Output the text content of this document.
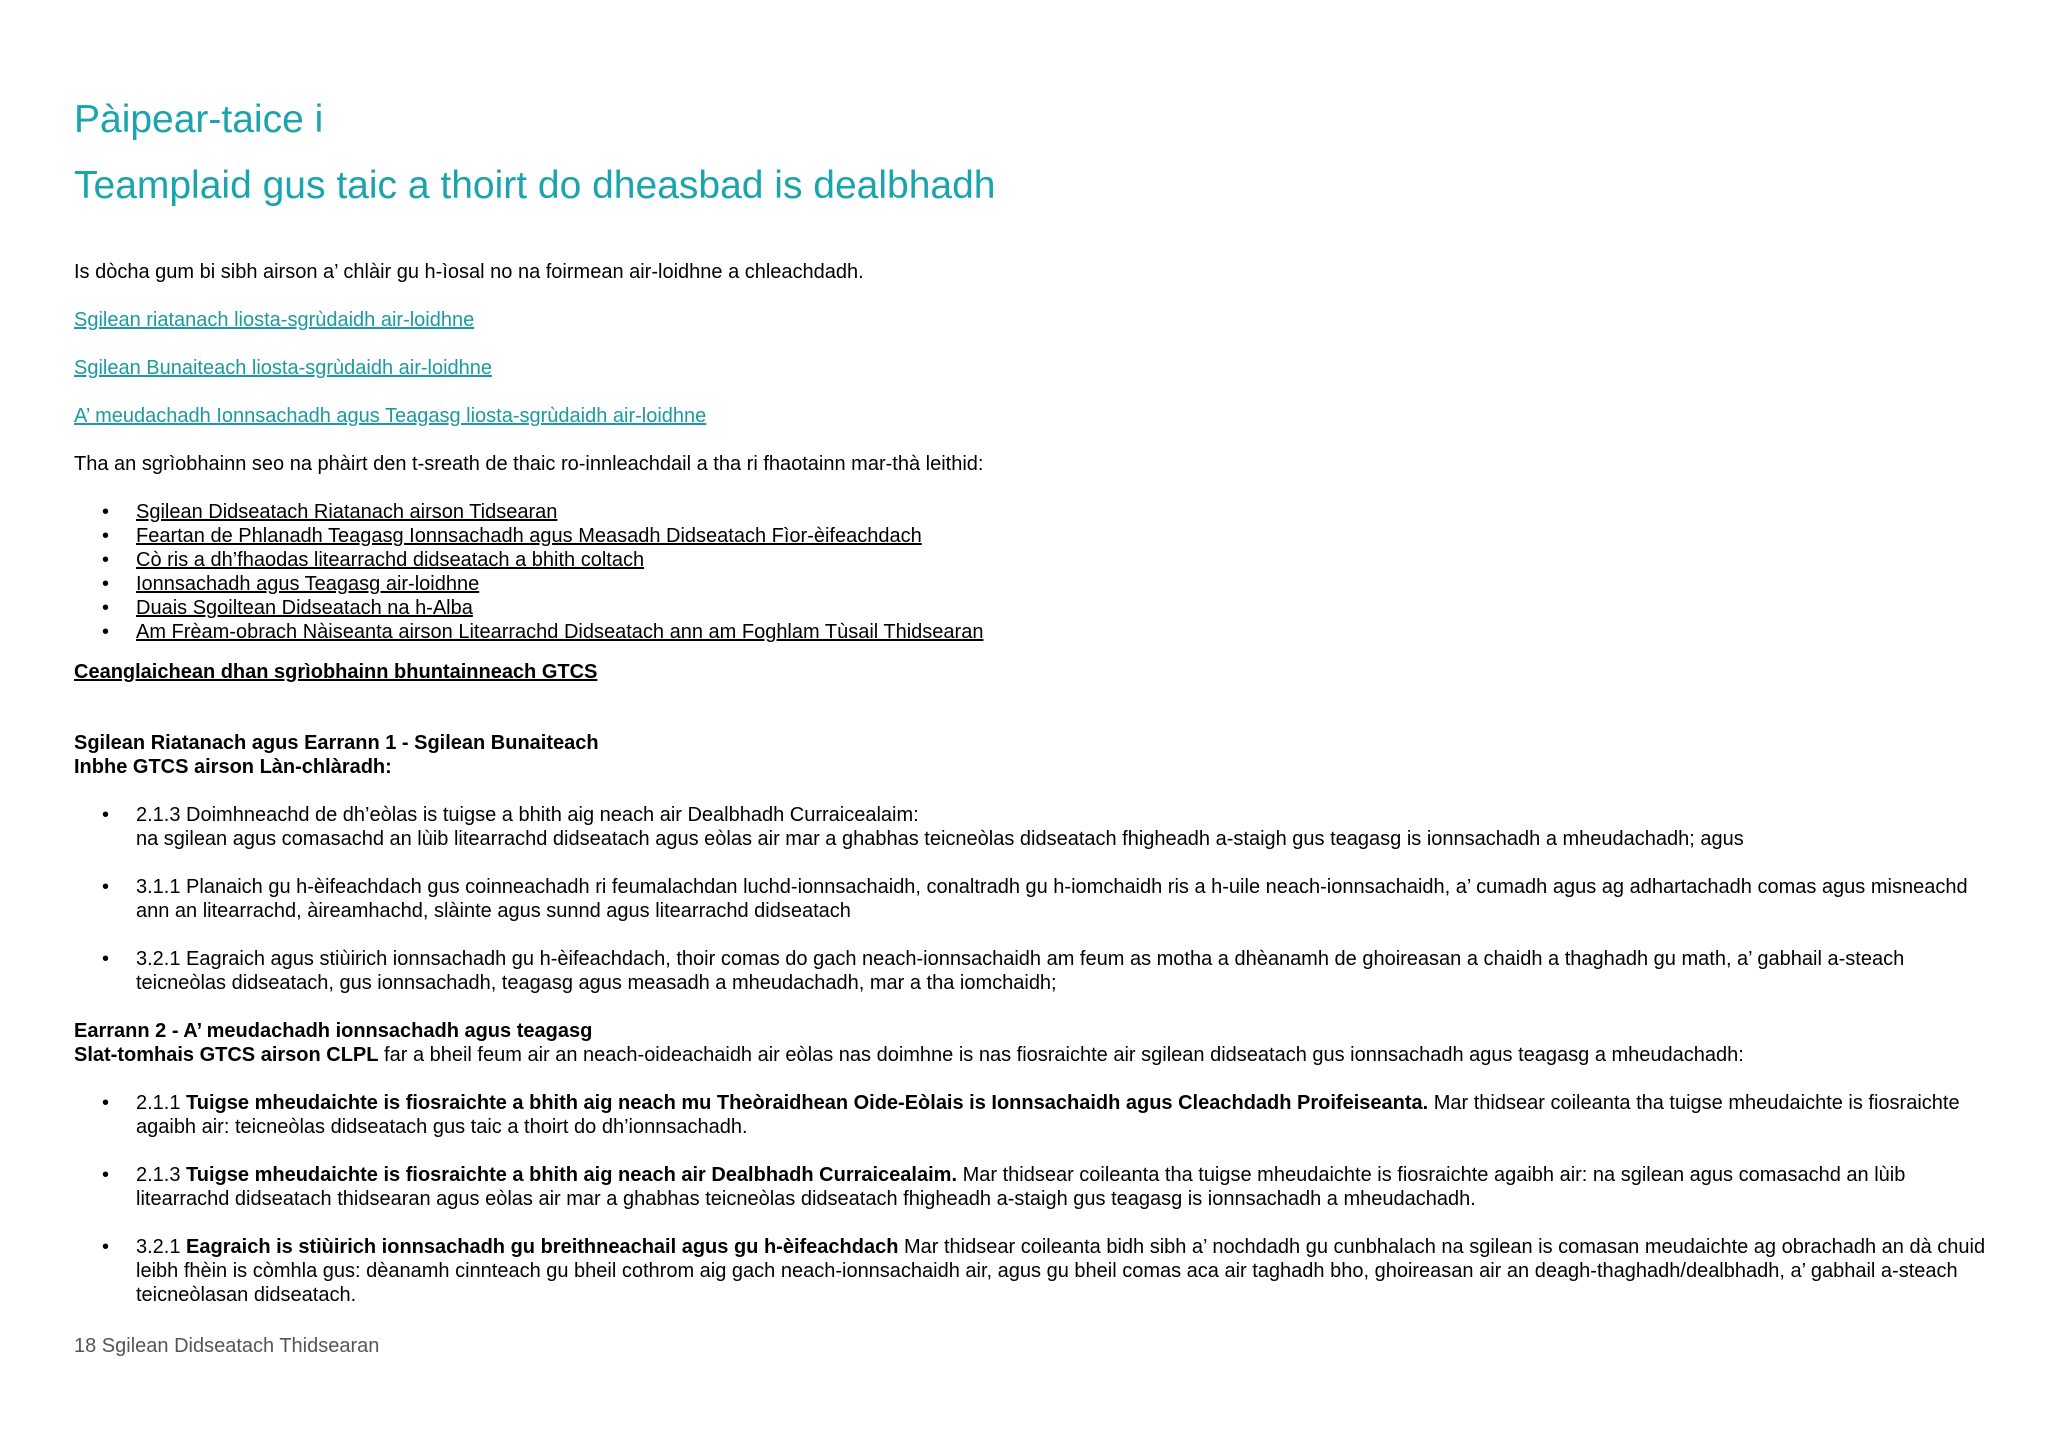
Pàipear-taice i
Teamplaid gus taic a thoirt do dheasbad is dealbhadh

Is dòcha gum bi sibh airson a’ chlàir gu h-ìosal no na foirmean air-loidhne a chleachdadh.

Sgilean riatanach liosta-sgrùdaidh air-loidhne
Sgilean Bunaiteach liosta-sgrùdaidh air-loidhne
A’ meudachadh Ionnsachadh agus Teagasg liosta-sgrùdaidh air-loidhne

Tha an sgrìobhainn seo na phàirt den t-sreath de thaic ro-innleachdail a tha ri fhaotainn mar-thà leithid:

• Sgilean Didseatach Riatanach airson Tidsearan
• Feartan de Phlanadh Teagasg Ionnsachadh agus Measadh Didseatach Fìor-èifeachdach
• Cò ris a dh’fhaodas litearrachd didseatach a bhith coltach
• Ionnsachadh agus Teagasg air-loidhne
• Duais Sgoiltean Didseatach na h-Alba
• Am Frèam-obrach Nàiseanta airson Litearrachd Didseatach ann am Foghlam Tùsail Thidsearan
Ceanglaichean dhan sgrìobhainn bhuntainneach GTCS
Sgilean Riatanach agus Earrann 1 - Sgilean Bunaiteach
Inbhe GTCS airson Làn-chlàradh:
• 2.1.3 Doimhneachd de dh’eòlas is tuigse a bhith aig neach air Dealbhadh Curraicealaim:
na sgilean agus comasachd an lùib litearrachd didseatach agus eòlas air mar a ghabhas teicneòlas didseatach fhigheadh a-staigh gus teagasg is ionnsachadh a mheudachadh; agus
• 3.1.1 Planaich gu h-èifeachdach gus coinneachadh ri feumalachdan luchd-ionnsachaidh, conaltradh gu h-iomchaidh ris a h-uile neach-ionnsachaidh, a’ cumadh agus ag adhartachadh comas agus misneachd ann an litearrachd, àireamhachd, slàinte agus sunnd agus litearrachd didseatach
• 3.2.1 Eagraich agus stiùirich ionnsachadh gu h-èifeachdach, thoir comas do gach neach-ionnsachaidh am feum as motha a dhèanamh de ghoireasan a chaidh a thaghadh gu math, a’ gabhail a-steach teicneòlas didseatach, gus ionnsachadh, teagasg agus measadh a mheudachadh, mar a tha iomchaidh;
Earrann 2 - A’ meudachadh ionnsachadh agus teagasg
Slat-tomhais GTCS airson CLPL far a bheil feum air an neach-oideachaidh air eòlas nas doimhne is nas fiosraichte air sgilean didseatach gus ionnsachadh agus teagasg a mheudachadh:
• 2.1.1 Tuigse mheudaichte is fiosraichte a bhith aig neach mu Theòraidhean Oide-Eòlais is Ionnsachaidh agus Cleachdadh Proifeiseanta. Mar thidsear coileanta tha tuigse mheudaichte is fiosraichte agaibh air: teicneòlas didseatach gus taic a thoirt do dh’ionnsachadh.
• 2.1.3 Tuigse mheudaichte is fiosraichte a bhith aig neach air Dealbhadh Curraicealaim. Mar thidsear coileanta tha tuigse mheudaichte is fiosraichte agaibh air: na sgilean agus comasachd an lùib litearrachd didseatach thidsearan agus eòlas air mar a ghabhas teicneòlas didseatach fhigheadh a-staigh gus teagasg is ionnsachadh a mheudachadh.
• 3.2.1 Eagraich is stiùirich ionnsachadh gu breithneachail agus gu h-èifeachdach Mar thidsear coileanta bidh sibh a’ nochdadh gu cunbhalach na sgilean is comasan meudaichte ag obrachadh an dà chuid leibh fhèin is còmhla gus: dèanamh cinnteach gu bheil cothrom aig gach neach-ionnsachaidh air, agus gu bheil comas aca air taghadh bho, ghoireasan air an deagh-thaghadh/dealbhadh, a’ gabhail a-steach teicneòlasan didseatach.
18 Sgilean Didseatach Thidsearan
